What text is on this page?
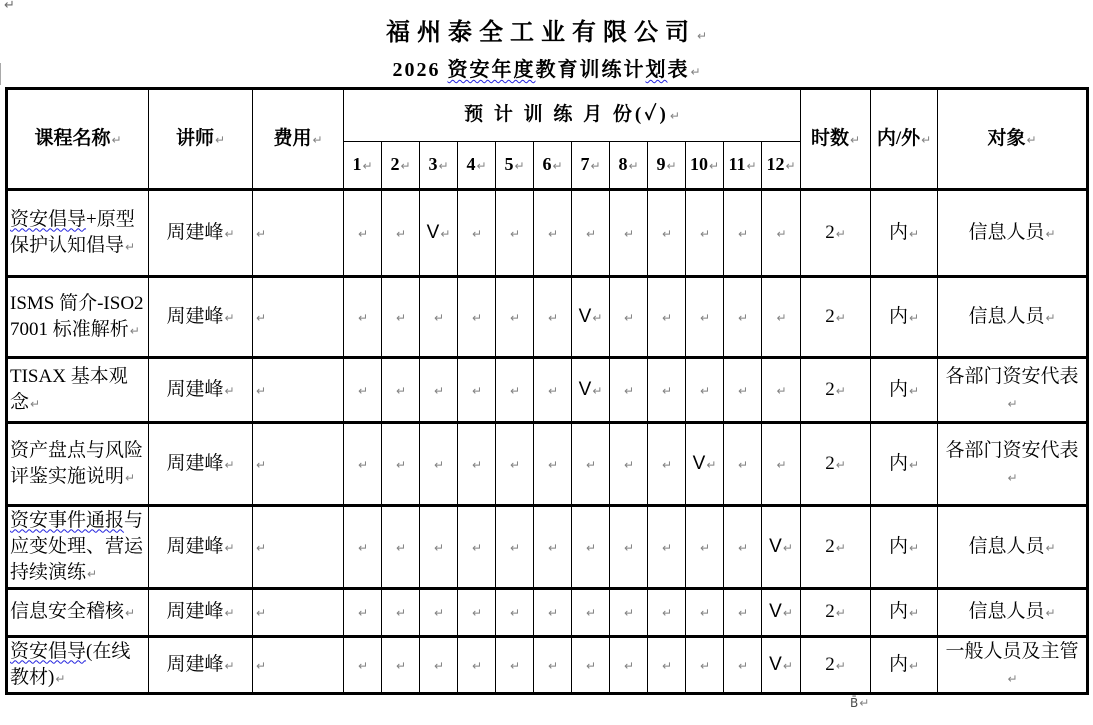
↵
福州泰全工业有限公司↵
2026 资安年度教育训练计划表↵
课程名称↵	讲师↵	费用↵	预 计 训 练 月 份(✓)↵												时数↵	内/外↵	对象↵
			1↵	2↵	3↵	4↵	5↵	6↵	7↵	8↵	9↵	10↵	11↵	12↵			
资安倡导+原型保护认知倡导↵	周建峰↵	↵	↵	↵	V↵	↵	↵	↵	↵	↵	↵	↵	↵	↵	2↵	内↵	信息人员↵
ISMS 简介-ISO27001 标准解析↵	周建峰↵	↵	↵	↵	↵	↵	↵	↵	V↵	↵	↵	↵	↵	↵	2↵	内↵	信息人员↵
TISAX 基本观念↵	周建峰↵	↵	↵	↵	↵	↵	↵	↵	V↵	↵	↵	↵	↵	↵	2↵	内↵	各部门资安代表↵
资产盘点与风险评鉴实施说明↵	周建峰↵	↵	↵	↵	↵	↵	↵	↵	↵	↵	↵	V↵	↵	↵	2↵	内↵	各部门资安代表↵
资安事件通报与应变处理、营运持续演练↵	周建峰↵	↵	↵	↵	↵	↵	↵	↵	↵	↵	↵	↵	↵	V↵	2↵	内↵	信息人员↵
信息安全稽核↵	周建峰↵	↵	↵	↵	↵	↵	↵	↵	↵	↵	↵	↵	↵	V↵	2↵	内↵	信息人员↵
资安倡导(在线教材)↵	周建峰↵	↵	↵	↵	↵	↵	↵	↵	↵	↵	↵	↵	↵	V↵	2↵	内↵	一般人员及主管↵
B̄↵
